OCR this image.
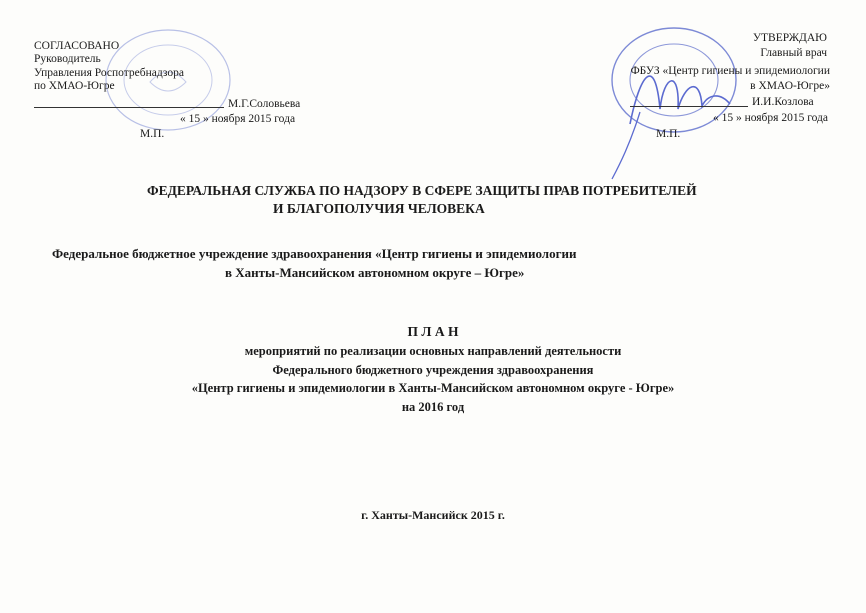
СОГЛАСОВАНО
Руководитель
Управления Роспотребнадзора
по ХМАО-Югре
М.Г.Соловьева
« 15 » ноября 2015 года
М.П.
УТВЕРЖДАЮ
Главный врач
ФБУЗ «Центр гигиены и эпидемиологии
в ХМАО-Югре»
И.И.Козлова
« 15 » ноября 2015 года
М.П.
ФЕДЕРАЛЬНАЯ СЛУЖБА ПО НАДЗОРУ В СФЕРЕ ЗАЩИТЫ ПРАВ ПОТРЕБИТЕЛЕЙ
И БЛАГОПОЛУЧИЯ ЧЕЛОВЕКА
Федеральное бюджетное учреждение здравоохранения «Центр гигиены и эпидемиологии
в Ханты-Мансийском автономном округе – Югре»
П Л А Н
мероприятий по реализации основных направлений деятельности
Федерального бюджетного учреждения здравоохранения
«Центр гигиены и эпидемиологии в Ханты-Мансийском автономном округе - Югре»
на 2016 год
г. Ханты-Мансийск 2015 г.
